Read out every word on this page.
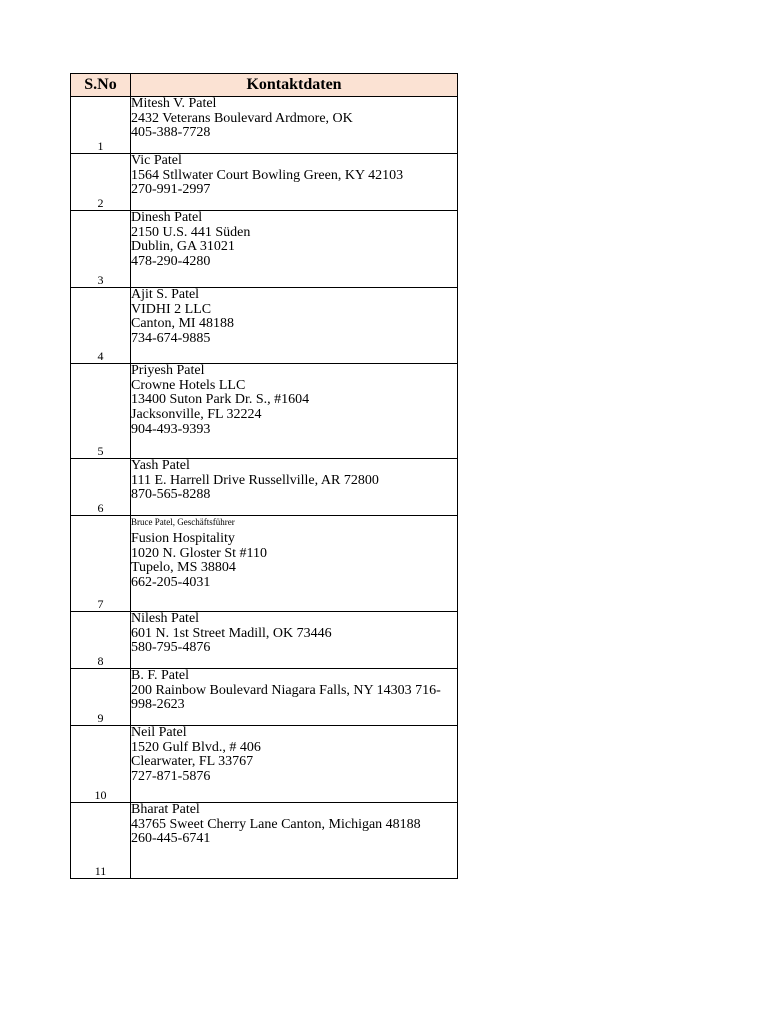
S.No	Kontaktdaten
1	Mitesh V. Patel
2432 Veterans Boulevard Ardmore, OK
405-388-7728

2	Vic Patel
1564 Stllwater Court Bowling Green, KY 42103
270-991-2997

3	Dinesh Patel
2150 U.S. 441 Süden
Dublin, GA 31021
478-290-4280

4	Ajit S. Patel
VIDHI 2 LLC
Canton, MI 48188
734-674-9885

5	Priyesh Patel
Crowne Hotels LLC
13400 Suton Park Dr. S., #1604
Jacksonville, FL 32224
904-493-9393

6	Yash Patel
111 E. Harrell Drive Russellville, AR 72800
870-565-8288

7	Bruce Patel, Geschäftsführer
Fusion Hospitality
1020 N. Gloster St #110
Tupelo, MS 38804
662-205-4031

8	Nilesh Patel
601 N. 1st Street Madill, OK 73446
580-795-4876

9	B. F. Patel
200 Rainbow Boulevard Niagara Falls, NY 14303 716-
998-2623

10	Neil Patel
1520 Gulf Blvd., # 406
Clearwater, FL 33767
727-871-5876

11	Bharat Patel
43765 Sweet Cherry Lane Canton, Michigan 48188
260-445-6741
